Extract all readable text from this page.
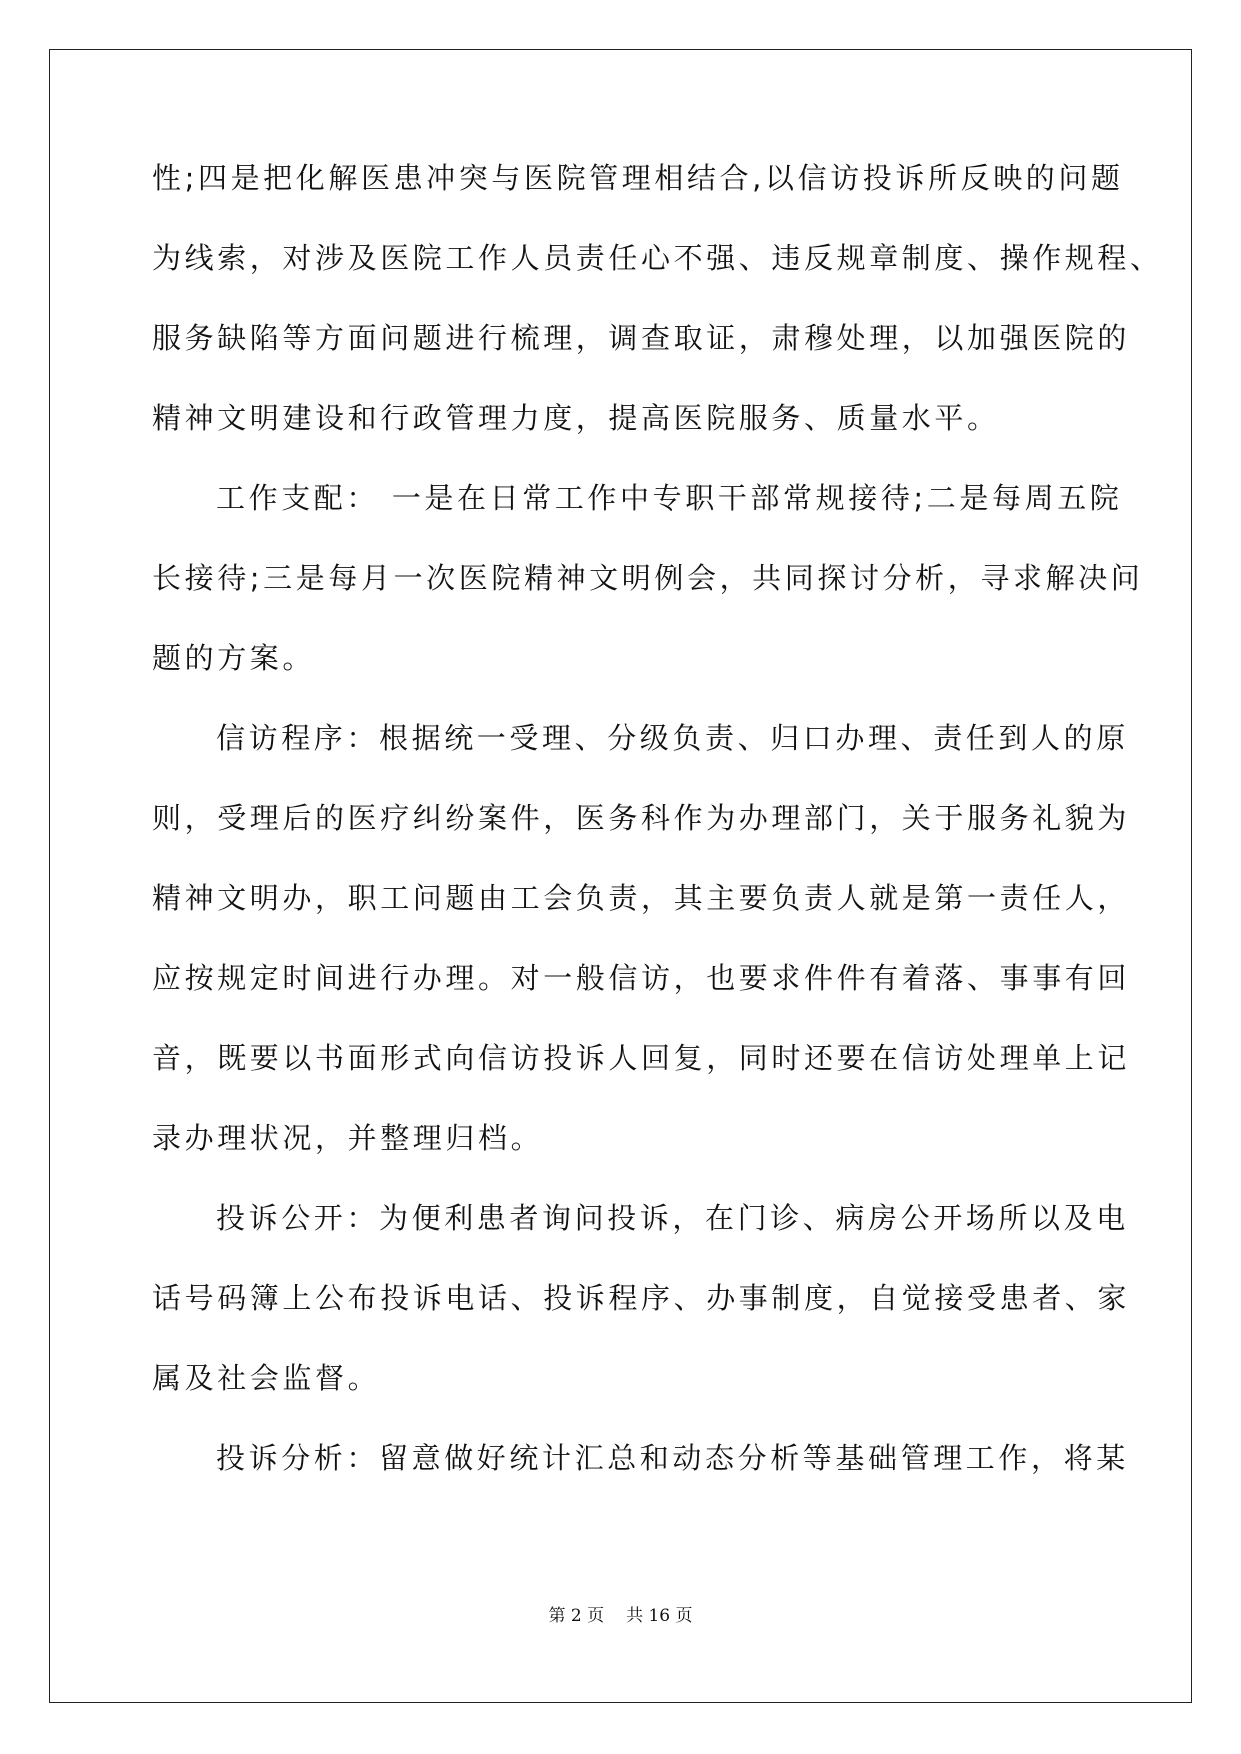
性;四是把化解医患冲突与医院管理相结合,以信访投诉所反映的问题
为线索，对涉及医院工作人员责任心不强、违反规章制度、操作规程、
服务缺陷等方面问题进行梳理，调查取证，肃穆处理，以加强医院的
精神文明建设和行政管理力度，提高医院服务、质量水平。
工作支配： 一是在日常工作中专职干部常规接待;二是每周五院
长接待;三是每月一次医院精神文明例会，共同探讨分析，寻求解决问
题的方案。
信访程序：根据统一受理、分级负责、归口办理、责任到人的原
则，受理后的医疗纠纷案件，医务科作为办理部门，关于服务礼貌为
精神文明办，职工问题由工会负责，其主要负责人就是第一责任人，
应按规定时间进行办理。对一般信访，也要求件件有着落、事事有回
音，既要以书面形式向信访投诉人回复，同时还要在信访处理单上记
录办理状况，并整理归档。
投诉公开：为便利患者询问投诉，在门诊、病房公开场所以及电
话号码簿上公布投诉电话、投诉程序、办事制度，自觉接受患者、家
属及社会监督。
投诉分析：留意做好统计汇总和动态分析等基础管理工作，将某
第 2 页 共 16 页
